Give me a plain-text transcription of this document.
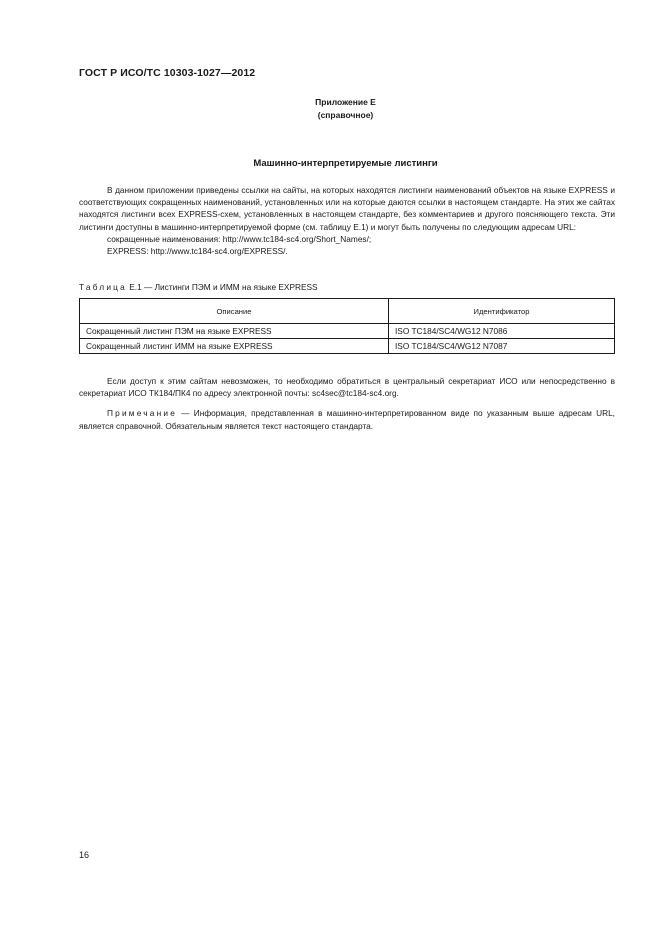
ГОСТ Р ИСО/ТС 10303-1027—2012
Приложение Е
(справочное)
Машинно-интерпретируемые листинги

В данном приложении приведены ссылки на сайты, на которых находятся листинги наименований объектов на языке EXPRESS и соответствующих сокращенных наименований, установленных или на которые даются ссылки в настоящем стандарте. На этих же сайтах находятся листинги всех EXPRESS-схем, установленных в настоящем стандарте, без комментариев и другого поясняющего текста. Эти листинги доступны в машинно-интерпретируемой форме (см. таблицу Е.1) и могут быть получены по следующим адресам URL:

сокращенные наименования: http://www.tc184-sc4.org/Short_Names/;

EXPRESS: http://www.tc184-sc4.org/EXPRESS/.

Таблица Е.1 — Листинги ПЭМ и ИММ на языке EXPRESS
Описание	Идентификатор
Сокращенный листинг ПЭМ на языке EXPRESS	ISO TC184/SC4/WG12 N7086
Сокращенный листинг ИММ на языке EXPRESS	ISO TC184/SC4/WG12 N7087

Если доступ к этим сайтам невозможен, то необходимо обратиться в центральный секретариат ИСО или непосредственно в секретариат ИСО ТК184/ПК4 по адресу электронной почты: sc4sec@tc184-sc4.org.

Примечание — Информация, представленная в машинно-интерпретированном виде по указанным выше адресам URL, является справочной. Обязательным является текст настоящего стандарта.

16
